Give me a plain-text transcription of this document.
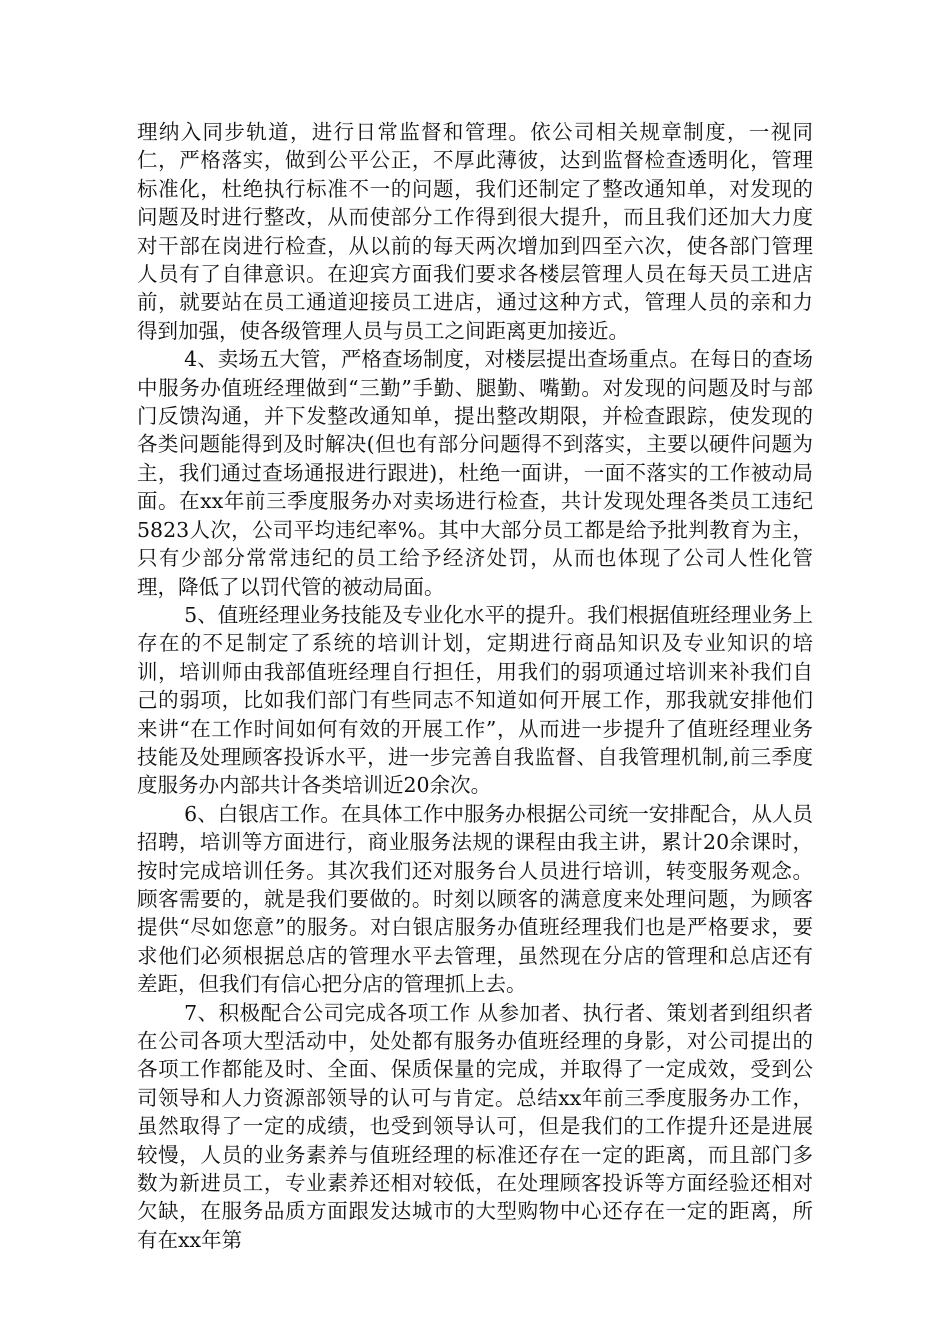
理纳入同步轨道，进行日常监督和管理。依公司相关规章制度，一视同仁，严格落实，做到公平公正，不厚此薄彼，达到监督检查透明化，管理标准化，杜绝执行标准不一的问题，我们还制定了整改通知单，对发现的问题及时进行整改，从而使部分工作得到很大提升，而且我们还加大力度对干部在岗进行检查，从以前的每天两次增加到四至六次，使各部门管理人员有了自律意识。在迎宾方面我们要求各楼层管理人员在每天员工进店前，就要站在员工通道迎接员工进店，通过这种方式，管理人员的亲和力得到加强，使各级管理人员与员工之间距离更加接近。

4、卖场五大管，严格查场制度，对楼层提出查场重点。在每日的查场中服务办值班经理做到“三勤”手勤、腿勤、嘴勤。对发现的问题及时与部门反馈沟通，并下发整改通知单，提出整改期限，并检查跟踪，使发现的各类问题能得到及时解决(但也有部分问题得不到落实，主要以硬件问题为主，我们通过查场通报进行跟进)，杜绝一面讲，一面不落实的工作被动局面。在xx年前三季度服务办对卖场进行检查，共计发现处理各类员工违纪5823人次，公司平均违纪率%。其中大部分员工都是给予批判教育为主，只有少部分常常违纪的员工给予经济处罚，从而也体现了公司人性化管理，降低了以罚代管的被动局面。

5、值班经理业务技能及专业化水平的提升。我们根据值班经理业务上存在的不足制定了系统的培训计划，定期进行商品知识及专业知识的培训，培训师由我部值班经理自行担任，用我们的弱项通过培训来补我们自己的弱项，比如我们部门有些同志不知道如何开展工作，那我就安排他们来讲“在工作时间如何有效的开展工作”，从而进一步提升了值班经理业务技能及处理顾客投诉水平，进一步完善自我监督、自我管理机制,前三季度度服务办内部共计各类培训近20余次。

6、白银店工作。在具体工作中服务办根据公司统一安排配合，从人员招聘，培训等方面进行，商业服务法规的课程由我主讲，累计20余课时，按时完成培训任务。其次我们还对服务台人员进行培训，转变服务观念。顾客需要的，就是我们要做的。时刻以顾客的满意度来处理问题，为顾客提供“尽如您意”的服务。对白银店服务办值班经理我们也是严格要求，要求他们必须根据总店的管理水平去管理，虽然现在分店的管理和总店还有差距，但我们有信心把分店的管理抓上去。

7、积极配合公司完成各项工作 从参加者、执行者、策划者到组织者在公司各项大型活动中，处处都有服务办值班经理的身影，对公司提出的各项工作都能及时、全面、保质保量的完成，并取得了一定成效，受到公司领导和人力资源部领导的认可与肯定。总结xx年前三季度服务办工作，虽然取得了一定的成绩，也受到领导认可，但是我们的工作提升还是进展较慢，人员的业务素养与值班经理的标准还存在一定的距离，而且部门多数为新进员工，专业素养还相对较低，在处理顾客投诉等方面经验还相对欠缺，在服务品质方面跟发达城市的大型购物中心还存在一定的距离，所有在xx年第
